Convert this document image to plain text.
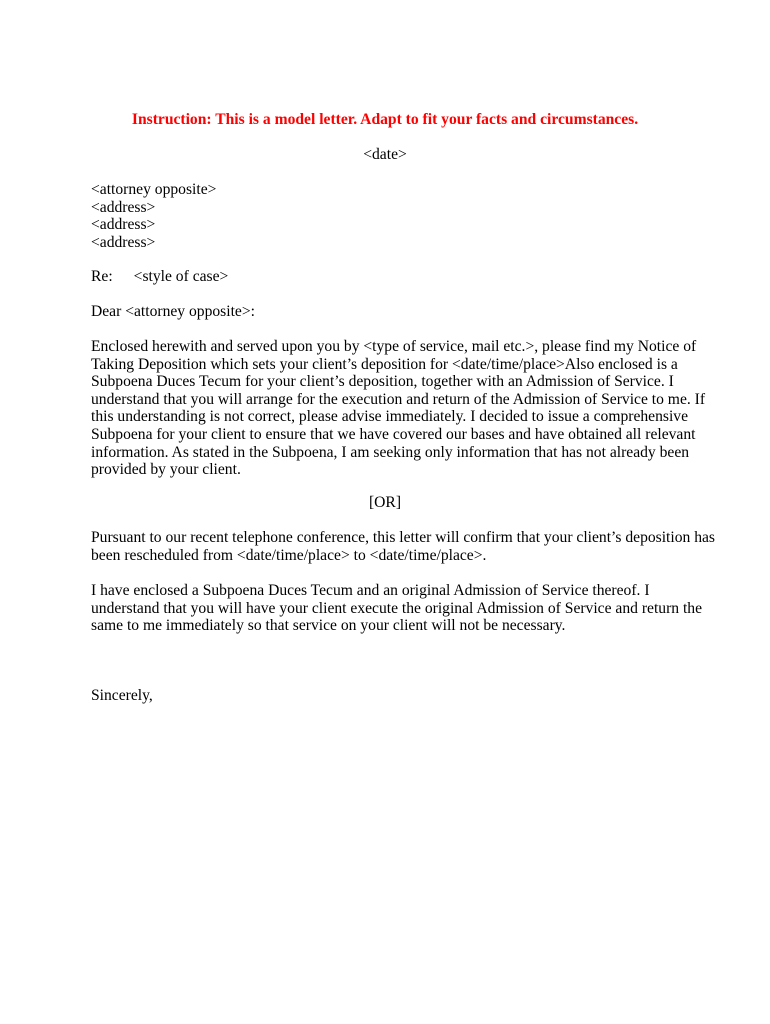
Instruction: This is a model letter. Adapt to fit your facts and circumstances.
<date>
<attorney opposite>
<address>
<address>
<address>
Re: <style of case>
Dear <attorney opposite>:
Enclosed herewith and served upon you by <type of service, mail etc.>, please find my Notice of
Taking Deposition which sets your client’s deposition for <date/time/place>Also enclosed is a
Subpoena Duces Tecum for your client’s deposition, together with an Admission of Service. I
understand that you will arrange for the execution and return of the Admission of Service to me. If
this understanding is not correct, please advise immediately. I decided to issue a comprehensive
Subpoena for your client to ensure that we have covered our bases and have obtained all relevant
information. As stated in the Subpoena, I am seeking only information that has not already been
provided by your client.
[OR]
Pursuant to our recent telephone conference, this letter will confirm that your client’s deposition has
been rescheduled from <date/time/place> to <date/time/place>.
I have enclosed a Subpoena Duces Tecum and an original Admission of Service thereof. I
understand that you will have your client execute the original Admission of Service and return the
same to me immediately so that service on your client will not be necessary.
Sincerely,
